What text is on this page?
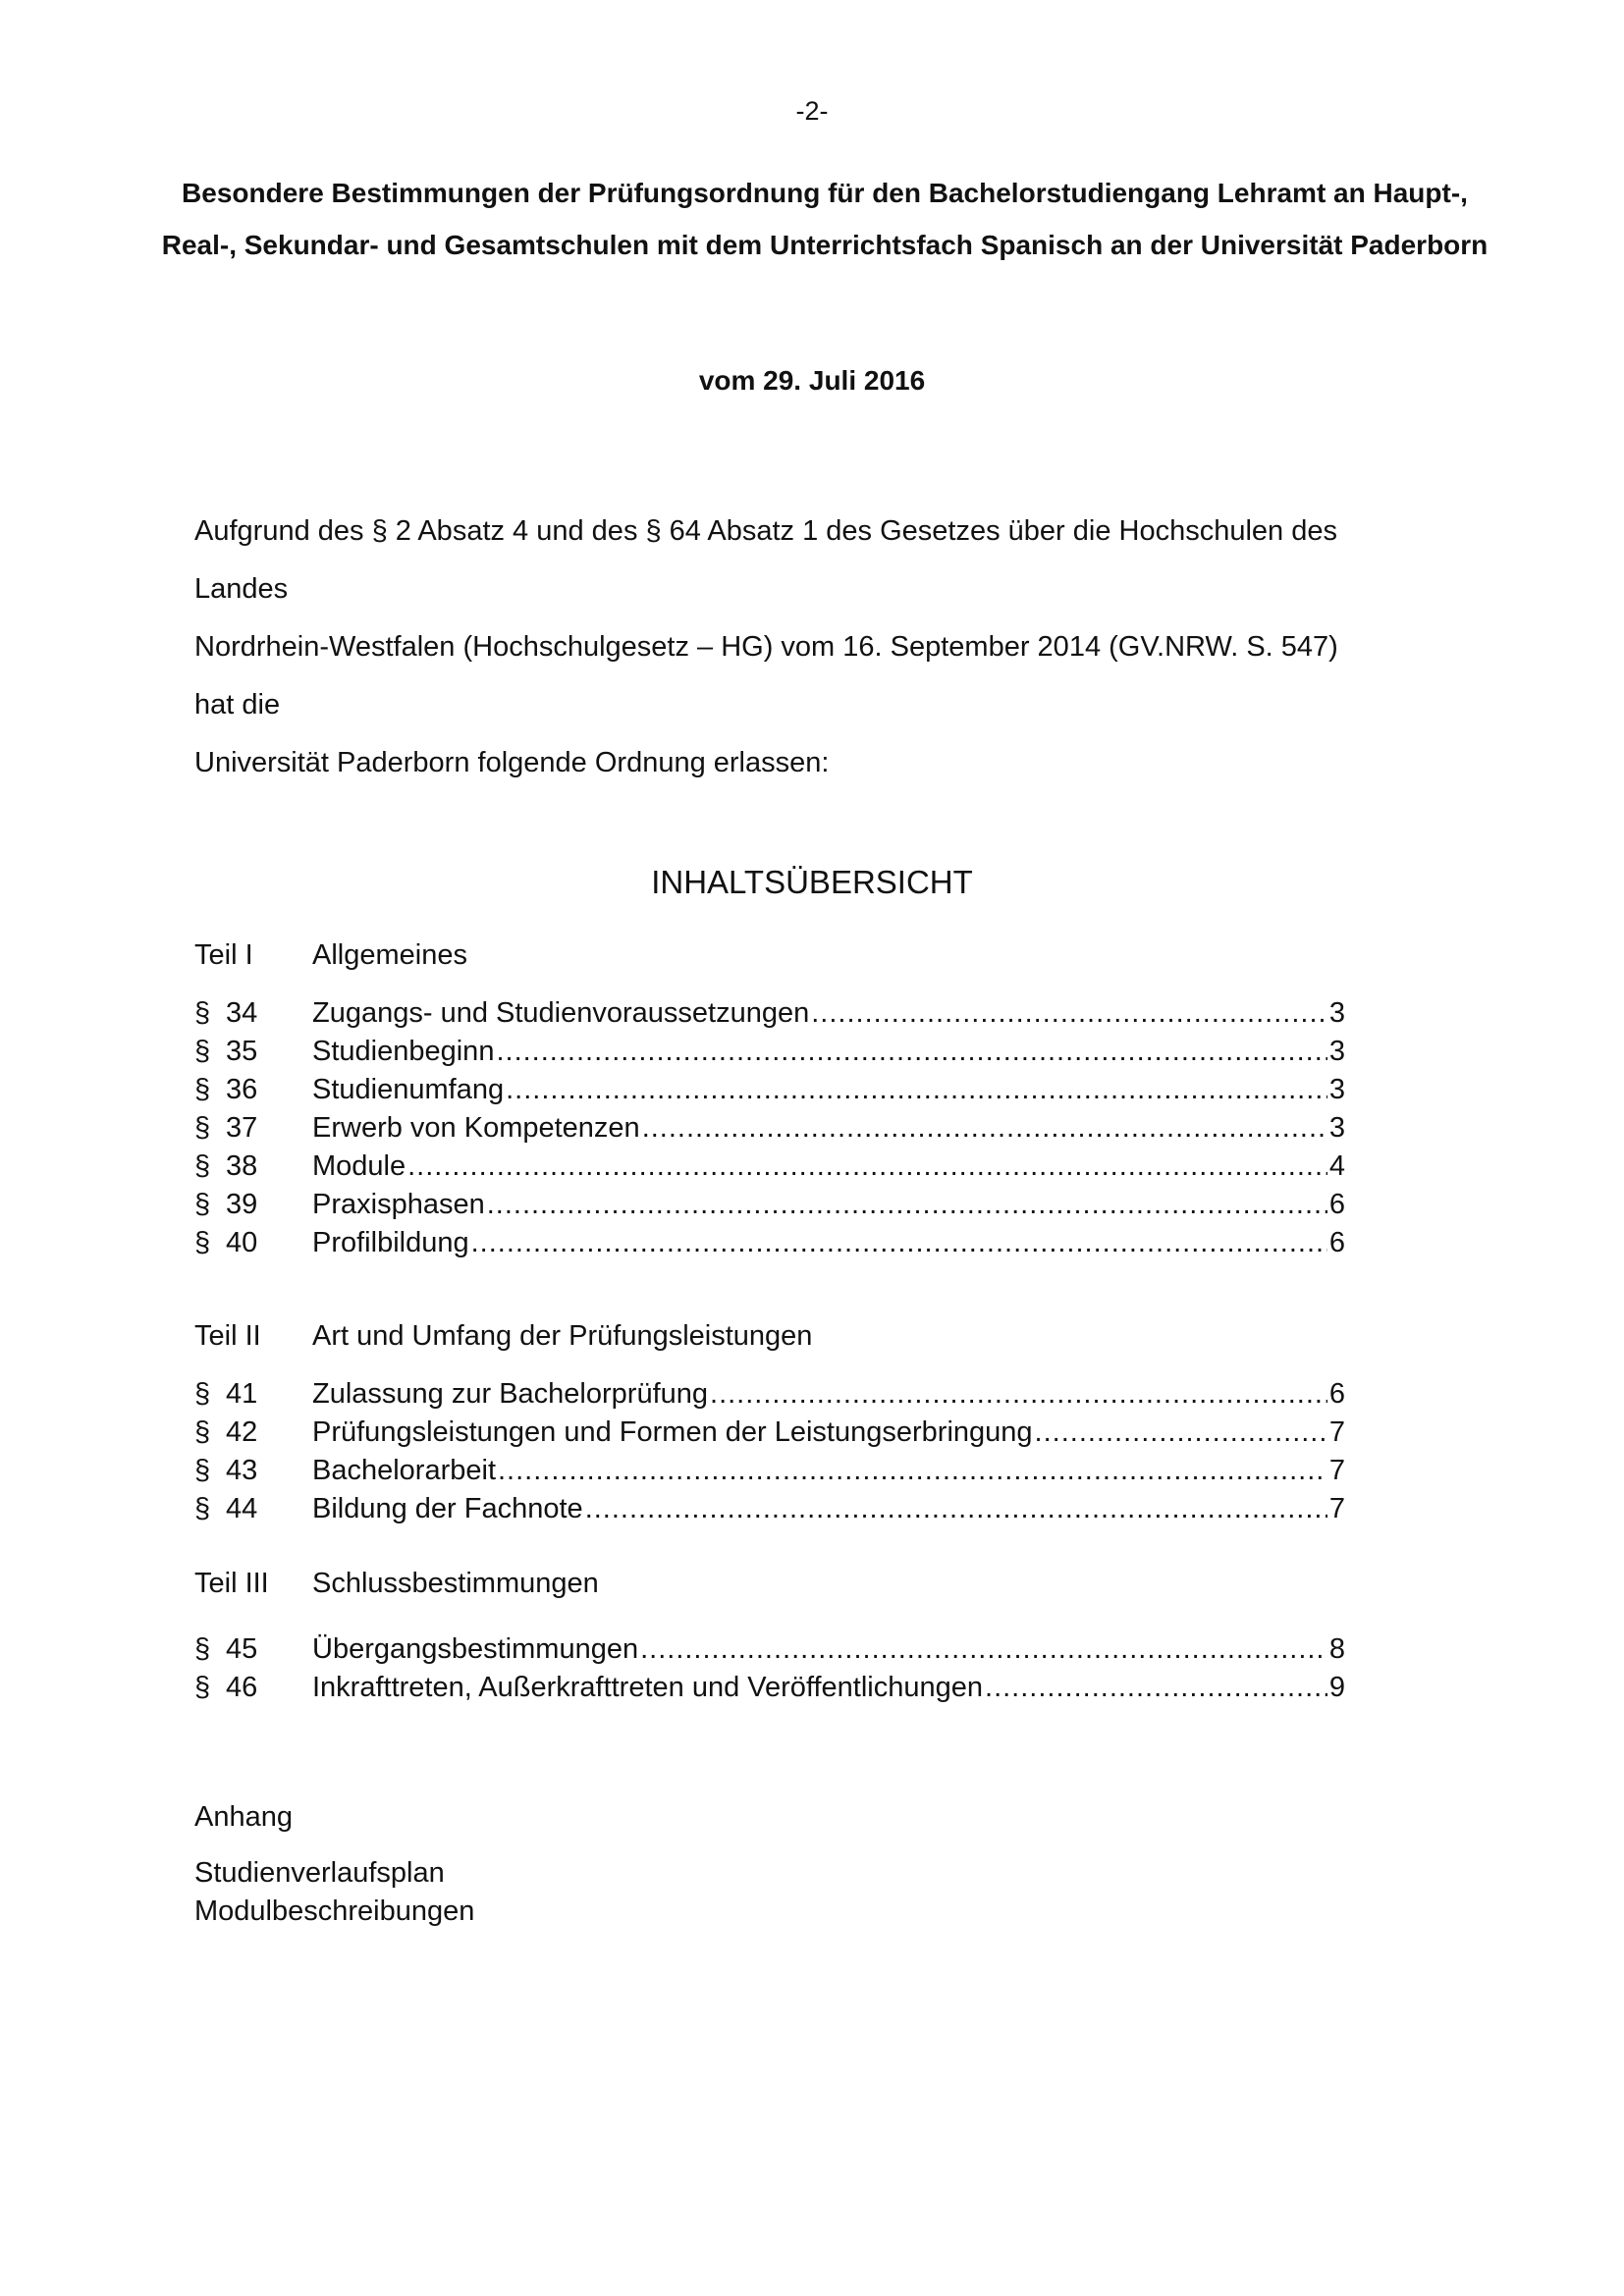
-2-
Besondere Bestimmungen der Prüfungsordnung für den Bachelorstudiengang Lehramt an Haupt-,
Real-, Sekundar- und Gesamtschulen mit dem Unterrichtsfach Spanisch an der Universität Paderborn
vom 29. Juli 2016
Aufgrund des § 2 Absatz 4 und des § 64 Absatz 1 des Gesetzes über die Hochschulen des Landes
Nordrhein-Westfalen (Hochschulgesetz – HG) vom 16. September 2014 (GV.NRW. S. 547) hat die
Universität Paderborn folgende Ordnung erlassen:
INHALTSÜBERSICHT
Teil I Allgemeines
§ 34 Zugangs- und Studienvoraussetzungen .....	3
§ 35 Studienbeginn .....	3
§ 36 Studienumfang .....	3
§ 37 Erwerb von Kompetenzen .....	3
§ 38 Module .....	4
§ 39 Praxisphasen .....	6
§ 40 Profilbildung .....	6
Teil II Art und Umfang der Prüfungsleistungen
§ 41 Zulassung zur Bachelorprüfung .....	6
§ 42 Prüfungsleistungen und Formen der Leistungserbringung .....	7
§ 43 Bachelorarbeit .....	7
§ 44 Bildung der Fachnote .....	7
Teil III Schlussbestimmungen
§ 45 Übergangsbestimmungen .....	8
§ 46 Inkrafttreten, Außerkrafttreten und Veröffentlichungen .....	9
Anhang
Studienverlaufsplan
Modulbeschreibungen
